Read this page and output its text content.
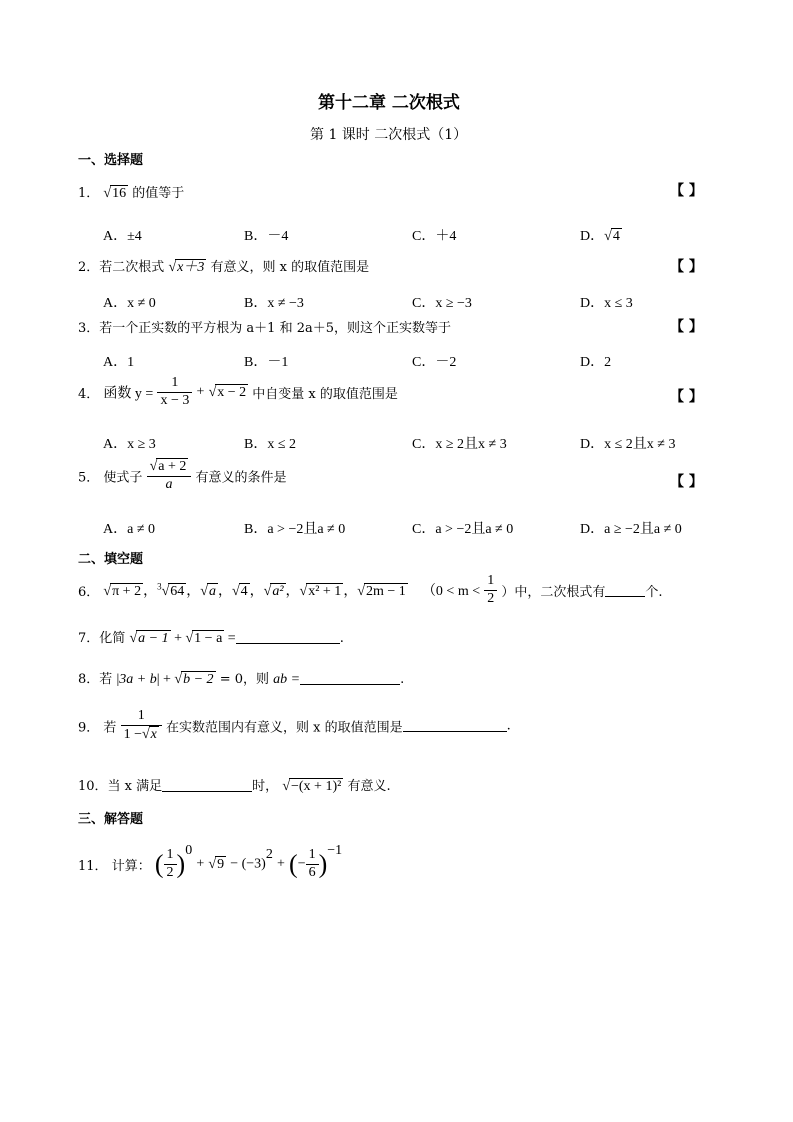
第十二章 二次根式
第 1 课时 二次根式（1）
一、选择题
1． √16 的值等于	【 】
A．±4	B．－4	C．＋4	D．√4
2．若二次根式 √x＋3 有意义，则 x 的取值范围是	【 】
A．x ≠ 0	B．x ≠ −3	C．x ≥ −3	D．x ≤ 3
3．若一个正实数的平方根为 a＋1 和 2a＋5，则这个正实数等于	【 】
A．1	B．－1	C．－2	D．2
4． 函数 $y = \frac{1}{x - 3} + √x - 2$ 中自变量 x 的取值范围是	【 】
A．x ≥ 3	B．x ≤ 2	C．x ≥ 2且x ≠ 3	D．x ≤ 2且x ≠ 3
5． 使式子 $\frac{√a + 2}{a}$ 有意义的条件是	【 】
A．a ≠ 0	B．a > −2且a ≠ 0	C．a > −2且a ≠ 0	D．a ≥ −2且a ≠ 0
二、填空题
6． √π + 2 ，$^3$√64 ，√a ，√4 ，√a² ，√x² + 1 ，√2m − 1 （$0 < m < \frac{1}{2}$ ）中，二次根式有	个.
7．化简 √a − 1 + √1 − a =	.
8．若 |3a + b| + √b − 2 = 0，则 ab =	.
9． 若 $\frac{1}{1 -√x}$ 在实数范围内有意义，则 x 的取值范围是	.
10．当 x 满足	时， √−(x + 1)² 有意义.
三、解答题
11． 计算： ( $\frac{1}{2} )^0 + √9 - (-3)^2$ + (− $\frac{1}{6} )^{-1}$
